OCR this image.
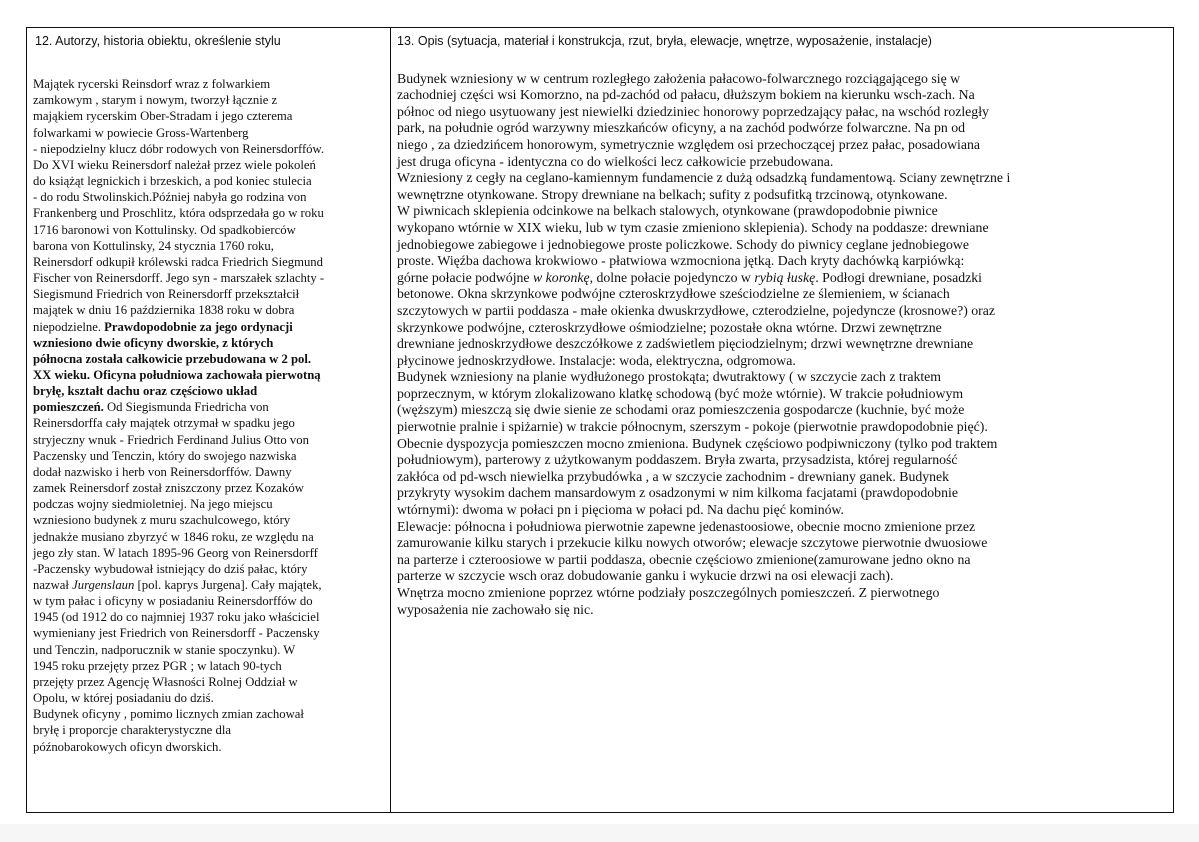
12. Autorzy, historia obiektu, określenie stylu

Majątek rycerski Reinsdorf wraz z folwarkiem
zamkowym , starym i nowym, tworzył łącznie z
mająkiem rycerskim Ober-Stradam i jego czterema
folwarkami w powiecie Gross-Wartenberg
- niepodzielny klucz dóbr rodowych von Reinersdorffów.
Do XVI wieku Reinersdorf należał przez wiele pokoleń
do książąt legnickich i brzeskich, a pod koniec stulecia
- do rodu Stwolinskich.Później nabyła go rodzina von
Frankenberg und Proschlitz, która odsprzedała go w roku
1716 baronowi von Kottulinsky. Od spadkobierców
barona von Kottulinsky, 24 stycznia 1760 roku,
Reinersdorf odkupił królewski radca Friedrich Siegmund
Fischer von Reinersdorff. Jego syn - marszałek szlachty -
Siegismund Friedrich von Reinersdorff przekształcił
majątek w dniu 16 października 1838 roku w dobra
niepodzielne. Prawdopodobnie za jego ordynacji
wzniesiono dwie oficyny dworskie, z których
północna została całkowicie przebudowana w 2 pol.
XX wieku. Oficyna południowa zachowała pierwotną
bryłę, kształt dachu oraz częściowo układ
pomieszczeń. Od Siegismunda Friedricha von
Reinersdorffa cały majątek otrzymał w spadku jego
stryjeczny wnuk - Friedrich Ferdinand Julius Otto von
Paczensky und Tenczin, który do swojego nazwiska
dodał nazwisko i herb von Reinersdorffów. Dawny
zamek Reinersdorf został zniszczony przez Kozaków
podczas wojny siedmioletniej. Na jego miejscu
wzniesiono budynek z muru szachulcowego, który
jednakże musiano zbyrzyć w 1846 roku, ze względu na
jego zły stan. W latach 1895-96 Georg von Reinersdorff
-Paczensky wybudował istniejący do dziś pałac, który
nazwał Jurgenslaun [pol. kaprys Jurgena]. Cały majątek,
w tym pałac i oficyny w posiadaniu Reinersdorffów do
1945 (od 1912 do co najmniej 1937 roku jako właściciel
wymieniany jest Friedrich von Reinersdorff - Paczensky
und Tenczin, nadporucznik w stanie spoczynku). W
1945 roku przejęty przez PGR ; w latach 90-tych
przejęty przez Agencję Własności Rolnej Oddział w
Opolu, w której posiadaniu do dziś.
Budynek oficyny , pomimo licznych zmian zachował
bryłę i proporcje charakterystyczne dla
późnobarokowych oficyn dworskich.

13. Opis (sytuacja, materiał i konstrukcja, rzut, bryła, elewacje, wnętrze, wyposażenie, instalacje)

Budynek wzniesiony w w centrum rozległego założenia pałacowo-folwarcznego rozciągającego się w
zachodniej części wsi Komorzno, na pd-zachód od pałacu, dłuższym bokiem na kierunku wsch-zach. Na
północ od niego usytuowany jest niewielki dziedziniec honorowy poprzedzający pałac, na wschód rozległy
park, na południe ogród warzywny mieszkańców oficyny, a na zachód podwórze folwarczne. Na pn od
niego , za dziedzińcem honorowym, symetrycznie względem osi przechoczącej przez pałac, posadowiana
jest druga oficyna - identyczna co do wielkości lecz całkowicie przebudowana.
Wzniesiony z cegły na ceglano-kamiennym fundamencie z dużą odsadzką fundamentową. Sciany zewnętrzne i
wewnętrzne otynkowane. Stropy drewniane na belkach; sufity z podsufitką trzcinową, otynkowane.
W piwnicach sklepienia odcinkowe na belkach stalowych, otynkowane (prawdopodobnie piwnice
wykopano wtórnie w XIX wieku, lub w tym czasie zmieniono sklepienia). Schody na poddasze: drewniane
jednobiegowe zabiegowe i jednobiegowe proste policzkowe. Schody do piwnicy ceglane jednobiegowe
proste. Więźba dachowa krokwiowo - płatwiowa wzmocniona jętką. Dach kryty dachówką karpiówką:
górne połacie podwójne w koronkę, dolne połacie pojedynczo w rybią łuskę. Podłogi drewniane, posadzki
betonowe. Okna skrzynkowe podwójne czteroskrzydłowe sześciodzielne ze ślemieniem, w ścianach
szczytowych w partii poddasza - małe okienka dwuskrzydłowe, czterodzielne, pojedyncze (krosnowe?) oraz
skrzynkowe podwójne, czteroskrzydłowe ośmiodzielne; pozostałe okna wtórne. Drzwi zewnętrzne
drewniane jednoskrzydłowe deszczółkowe z zadświetlem pięciodzielnym; drzwi wewnętrzne drewniane
płycinowe jednoskrzydłowe. Instalacje: woda, elektryczna, odgromowa.
Budynek wzniesiony na planie wydłużonego prostokąta; dwutraktowy ( w szczycie zach z traktem
poprzecznym, w którym zlokalizowano klatkę schodową (być może wtórnie). W trakcie południowym
(węższym) mieszczą się dwie sienie ze schodami oraz pomieszczenia gospodarcze (kuchnie, być może
pierwotnie pralnie i spiżarnie) w trakcie północnym, szerszym - pokoje (pierwotnie prawdopodobnie pięć).
Obecnie dyspozycja pomieszczen mocno zmieniona. Budynek częściowo podpiwniczony (tylko pod traktem
południowym), parterowy z użytkowanym poddaszem. Bryła zwarta, przysadzista, której regularność
zakłóca od pd-wsch niewielka przybudówka , a w szczycie zachodnim - drewniany ganek. Budynek
przykryty wysokim dachem mansardowym z osadzonymi w nim kilkoma facjatami (prawdopodobnie
wtórnymi): dwoma w połaci pn i pięcioma w połaci pd. Na dachu pięć kominów.
Elewacje: północna i południowa pierwotnie zapewne jedenastoosiowe, obecnie mocno zmienione przez
zamurowanie kilku starych i przekucie kilku nowych otworów; elewacje szczytowe pierwotnie dwuosiowe
na parterze i czteroosiowe w partii poddasza, obecnie częściowo zmienione(zamurowane jedno okno na
parterze w szczycie wsch oraz dobudowanie ganku i wykucie drzwi na osi elewacji zach).
Wnętrza mocno zmienione poprzez wtórne podziały poszczególnych pomieszczeń. Z pierwotnego
wyposażenia nie zachowało się nic.
